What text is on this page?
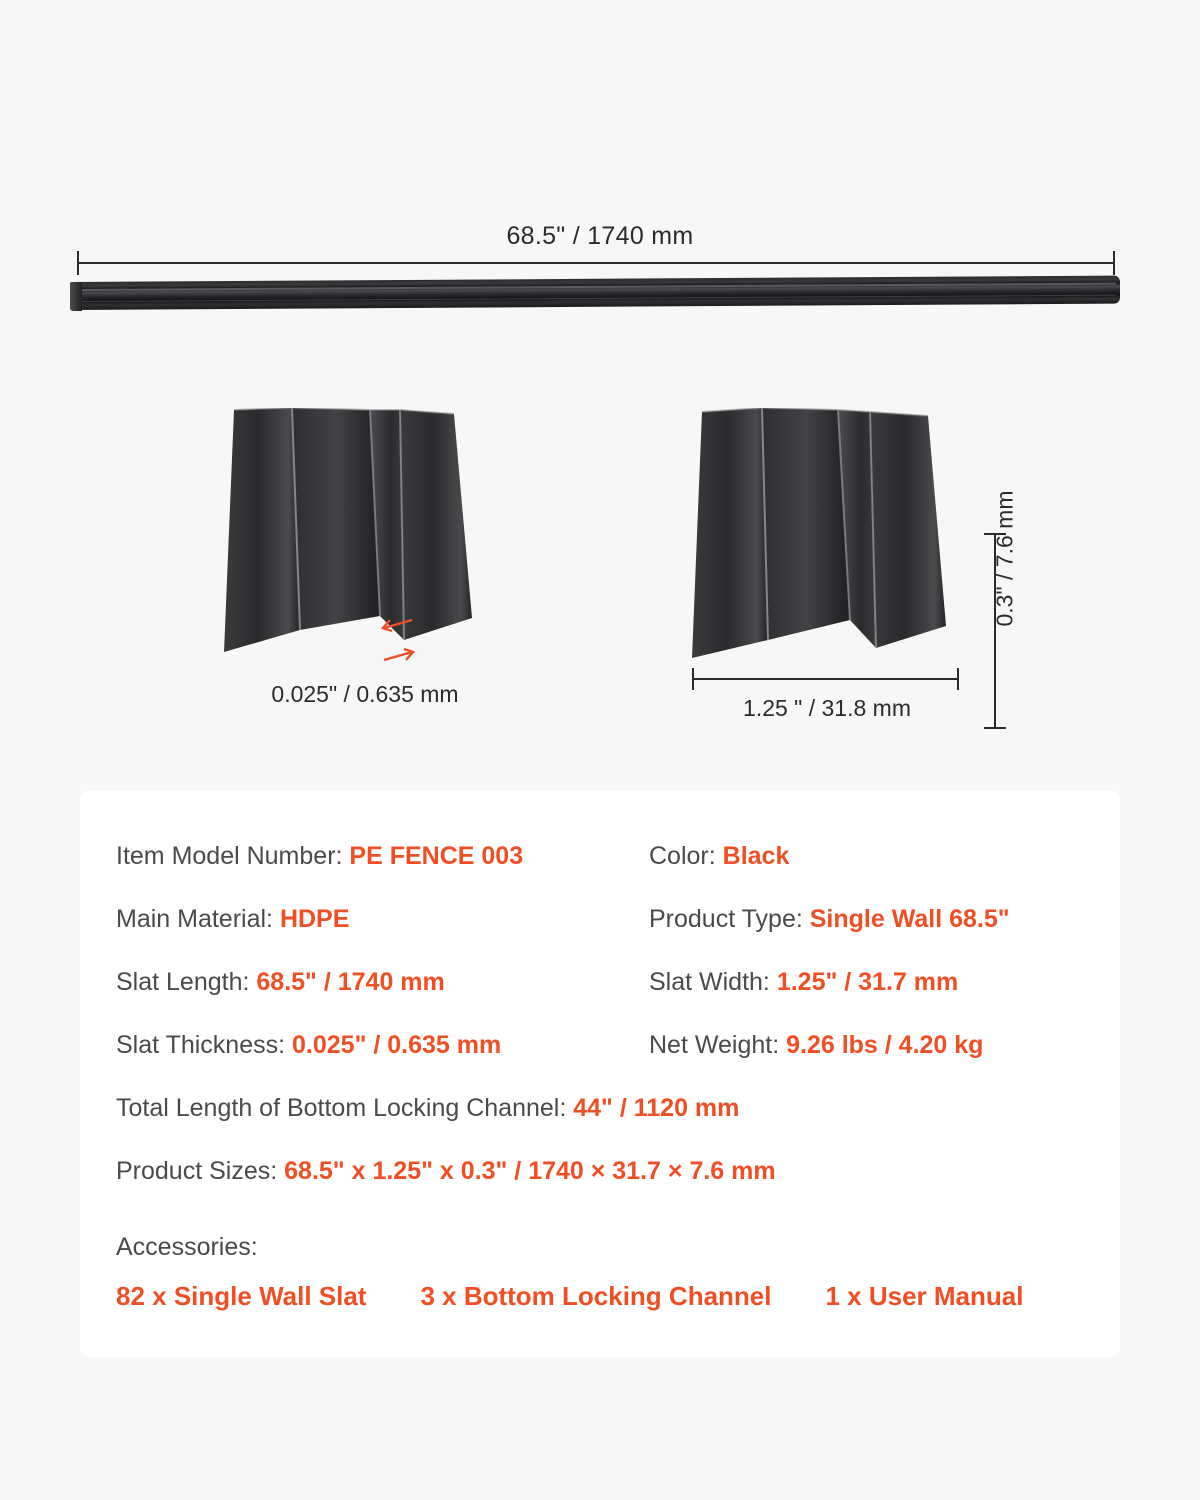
68.5" / 1740 mm
0.025" / 0.635 mm
1.25 " / 31.8 mm
0.3" / 7.6 mm
Item Model Number: PE FENCE 003	Color: Black
Main Material: HDPE	Product Type: Single Wall 68.5"
Slat Length: 68.5" / 1740 mm	Slat Width: 1.25" / 31.7 mm
Slat Thickness: 0.025" / 0.635 mm	Net Weight: 9.26 lbs / 4.20 kg
Total Length of Bottom Locking Channel: 44" / 1120 mm
Product Sizes: 68.5" x 1.25" x 0.3" / 1740 × 31.7 × 7.6 mm
Accessories:
82 x Single Wall Slat 3 x Bottom Locking Channel 1 x User Manual
